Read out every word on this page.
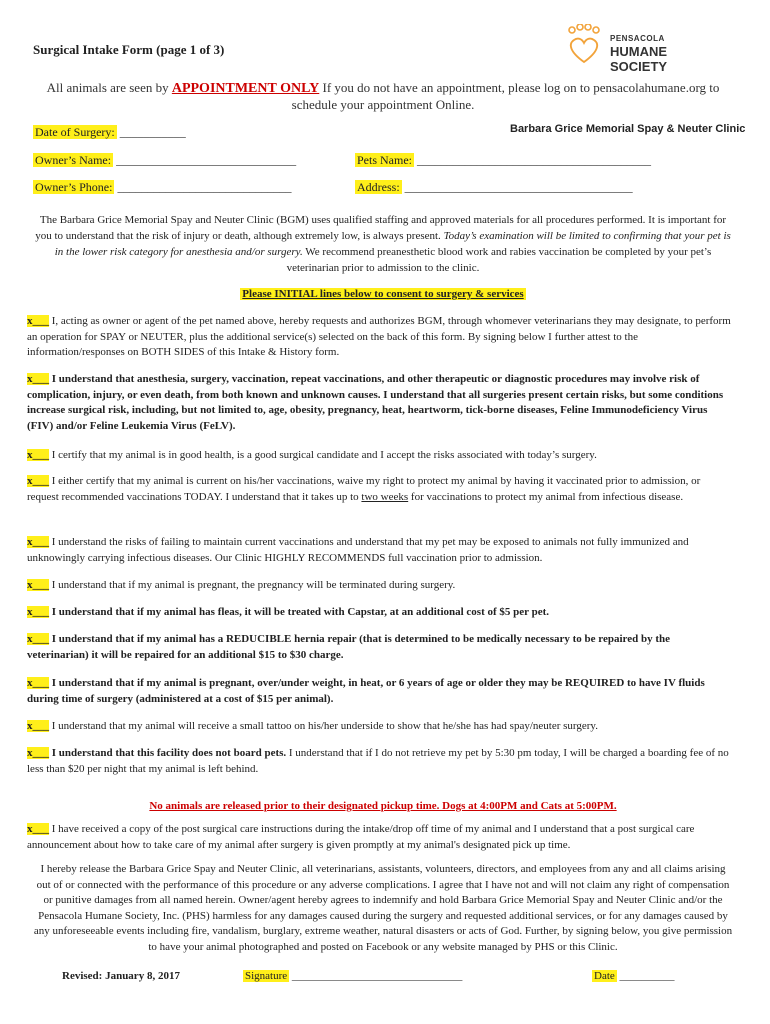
Surgical Intake Form (page 1 of 3)
PENSACOLA
HUMANE SOCIETY
All animals are seen by APPOINTMENT ONLY If you do not have an appointment, please log on to pensacolahumane.org to
schedule your appointment Online.
Date of Surgery: ___________	Barbara Grice Memorial Spay & Neuter Clinic
Owner’s Name: ______________________________	Pets Name: _______________________________________
Owner’s Phone: _____________________________	Address: ______________________________________
The Barbara Grice Memorial Spay and Neuter Clinic (BGM) uses qualified staffing and approved materials for all procedures performed. It is important for you to understand that the risk of injury or death, although extremely low, is always present. Today’s examination will be limited to confirming that your pet is in the lower risk category for anesthesia and/or surgery. We recommend preanesthetic blood work and rabies vaccination be completed by your pet’s veterinarian prior to admission to the clinic.
Please INITIAL lines below to consent to surgery & services
x___ I, acting as owner or agent of the pet named above, hereby requests and authorizes BGM, through whomever veterinarians they may designate, to perform an operation for SPAY or NEUTER, plus the additional service(s) selected on the back of this form. By signing below I further attest to the information/responses on BOTH SIDES of this Intake & History form.
x___ I understand that anesthesia, surgery, vaccination, repeat vaccinations, and other therapeutic or diagnostic procedures may involve risk of complication, injury, or even death, from both known and unknown causes. I understand that all surgeries present certain risks, but some conditions increase surgical risk, including, but not limited to, age, obesity, pregnancy, heat, heartworm, tick-borne diseases, Feline Immunodeficiency Virus (FIV) and/or Feline Leukemia Virus (FeLV).
x___ I certify that my animal is in good health, is a good surgical candidate and I accept the risks associated with today’s surgery.
x___ I either certify that my animal is current on his/her vaccinations, waive my right to protect my animal by having it vaccinated prior to admission, or request recommended vaccinations TODAY. I understand that it takes up to two weeks for vaccinations to protect my animal from infectious disease.
x___ I understand the risks of failing to maintain current vaccinations and understand that my pet may be exposed to animals not fully immunized and unknowingly carrying infectious diseases. Our Clinic HIGHLY RECOMMENDS full vaccination prior to admission.
x___ I understand that if my animal is pregnant, the pregnancy will be terminated during surgery.
x___ I understand that if my animal has fleas, it will be treated with Capstar, at an additional cost of $5 per pet.
x___ I understand that if my animal has a REDUCIBLE hernia repair (that is determined to be medically necessary to be repaired by the veterinarian) it will be repaired for an additional $15 to $30 charge.
x___ I understand that if my animal is pregnant, over/under weight, in heat, or 6 years of age or older they may be REQUIRED to have IV fluids during time of surgery (administered at a cost of $15 per animal).
x___ I understand that my animal will receive a small tattoo on his/her underside to show that he/she has had spay/neuter surgery.
x___ I understand that this facility does not board pets. I understand that if I do not retrieve my pet by 5:30 pm today, I will be charged a boarding fee of no less than $20 per night that my animal is left behind.
No animals are released prior to their designated pickup time. Dogs at 4:00PM and Cats at 5:00PM.
x___ I have received a copy of the post surgical care instructions during the intake/drop off time of my animal and I understand that a post surgical care announcement about how to take care of my animal after surgery is given promptly at my animal's designated pick up time.
I hereby release the Barbara Grice Spay and Neuter Clinic, all veterinarians, assistants, volunteers, directors, and employees from any and all claims arising out of or connected with the performance of this procedure or any adverse complications. I agree that I have not and will not claim any right of compensation or punitive damages from all named herein. Owner/agent hereby agrees to indemnify and hold Barbara Grice Memorial Spay and Neuter Clinic and/or the Pensacola Humane Society, Inc. (PHS) harmless for any damages caused during the surgery and requested additional services, or for any damages caused by any unforeseeable events including fire, vandalism, burglary, extreme weather, natural disasters or acts of God. Further, by signing below, you give permission to have your animal photographed and posted on Facebook or any website managed by PHS or this Clinic.
Revised: January 8, 2017	Signature _______________________________	Date __________
